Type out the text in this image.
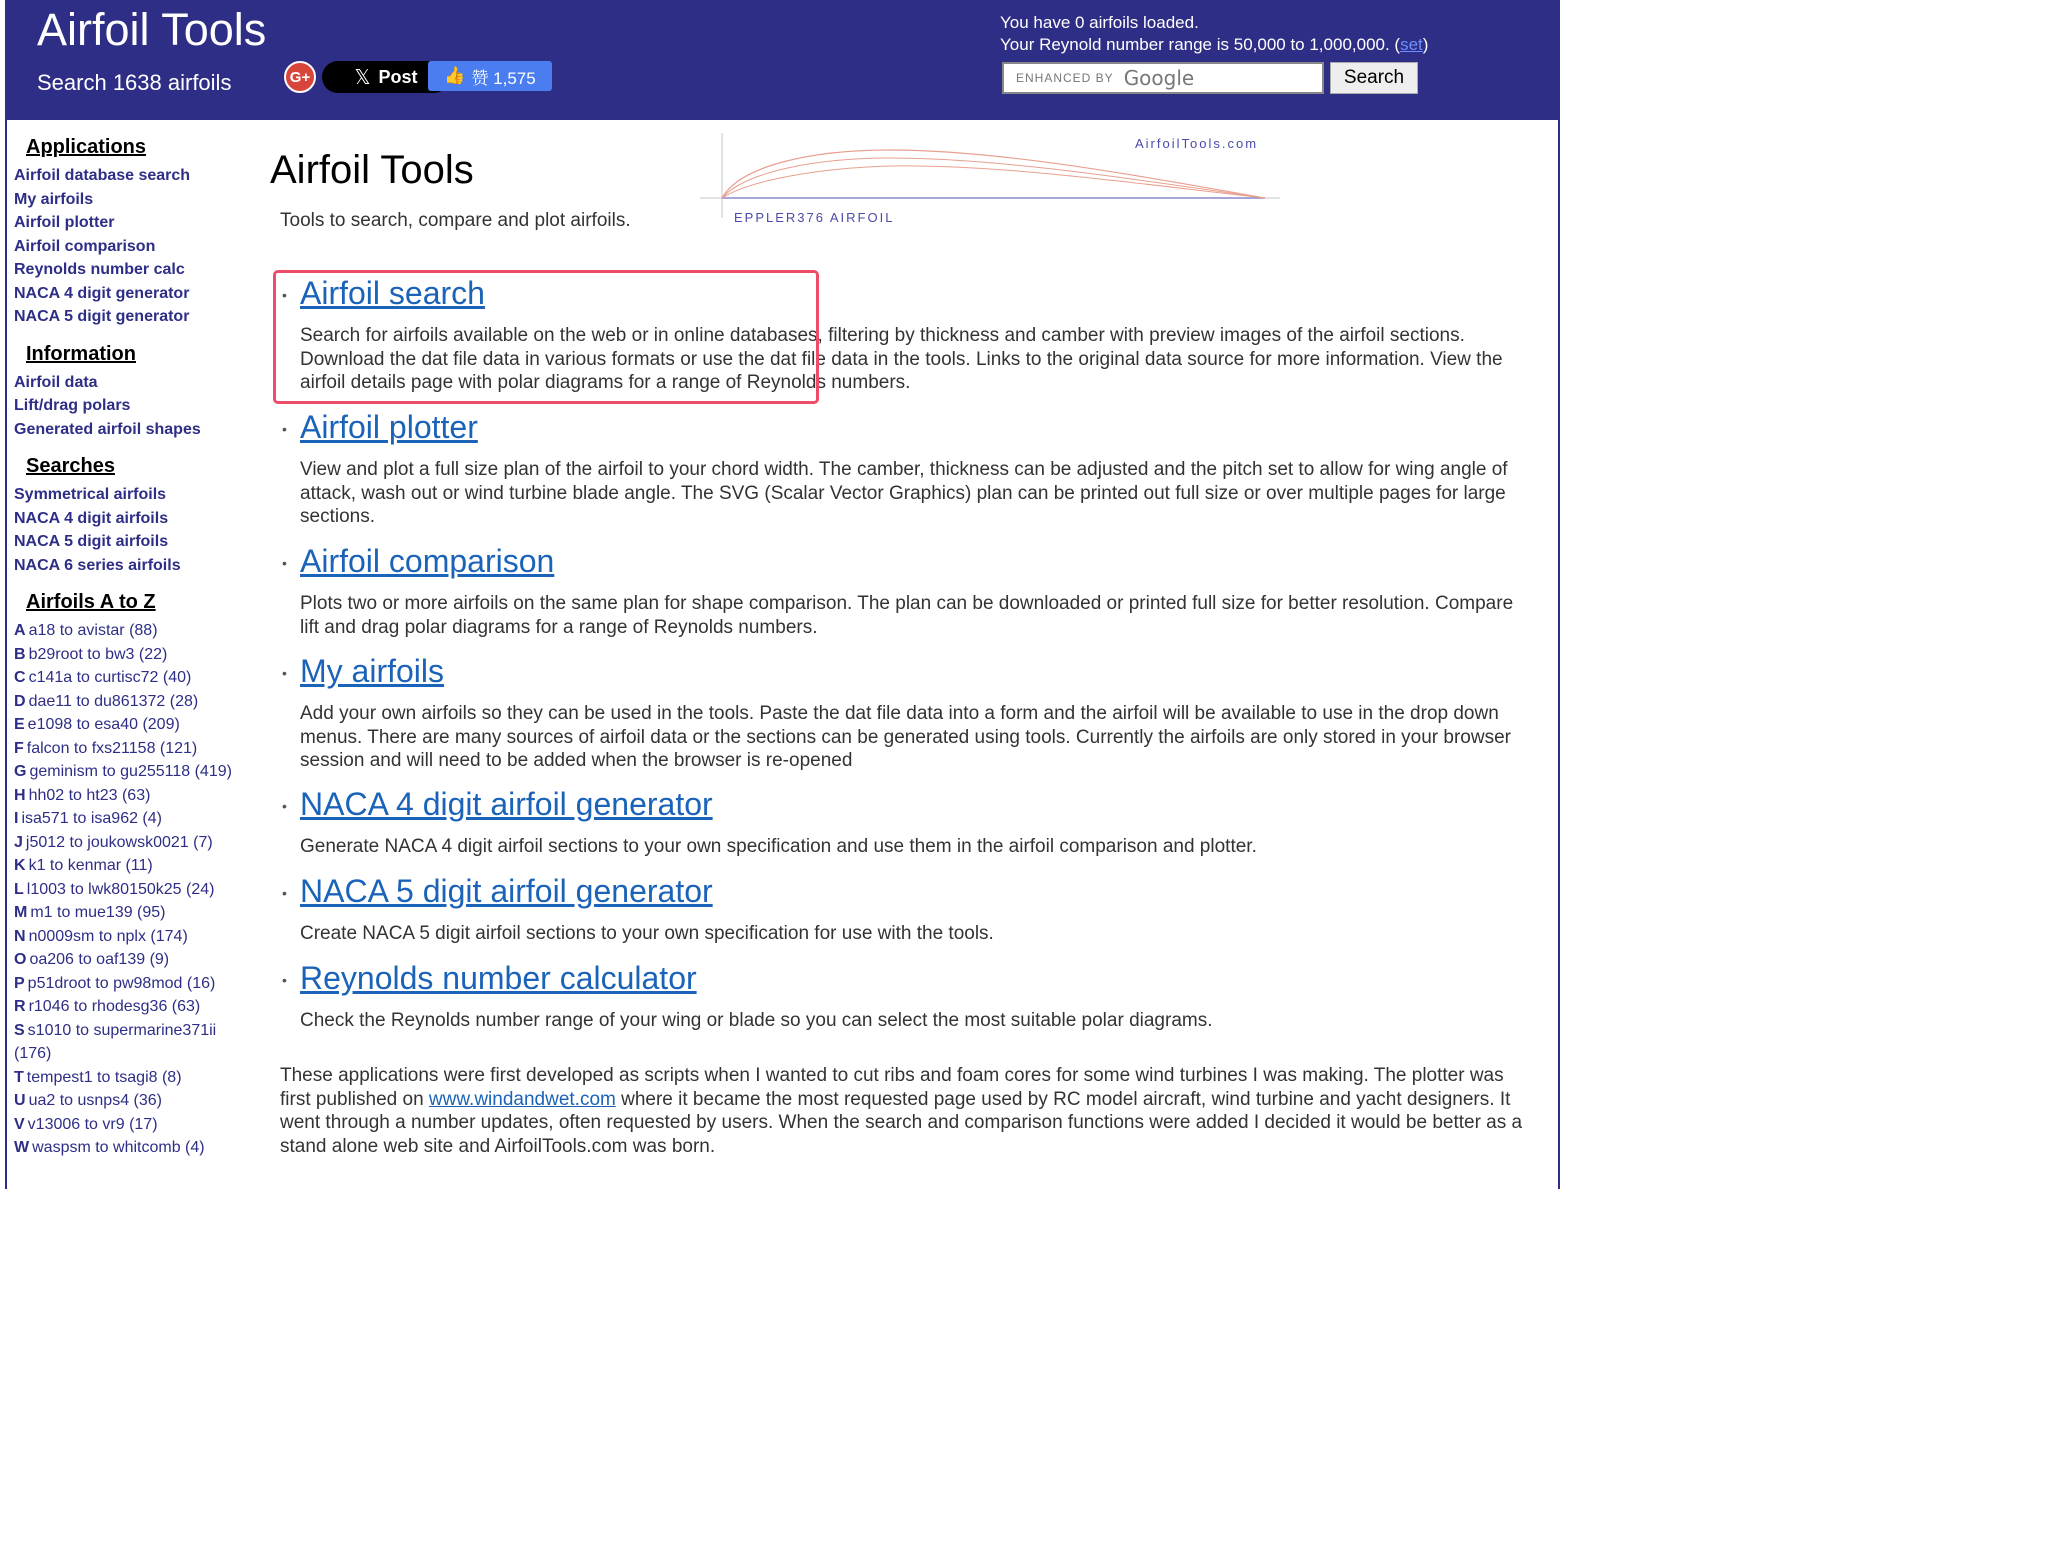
Airfoil Tools
Search 1638 airfoils	G+ 𝕏 Post 👍 赞 1,575
You have 0 airfoils loaded.
Your Reynold number range is 50,000 to 1,000,000. (set)
ENHANCED BY Google	Search
Applications
Airfoil database search
My airfoils
Airfoil plotter
Airfoil comparison
Reynolds number calc
NACA 4 digit generator
NACA 5 digit generator
Information
Airfoil data
Lift/drag polars
Generated airfoil shapes
Searches
Symmetrical airfoils
NACA 4 digit airfoils
NACA 5 digit airfoils
NACA 6 series airfoils
Airfoils A to Z
A a18 to avistar (88)
B b29root to bw3 (22)
C c141a to curtisc72 (40)
D dae11 to du861372 (28)
E e1098 to esa40 (209)
F falcon to fxs21158 (121)
G geminism to gu255118 (419)
H hh02 to ht23 (63)
I isa571 to isa962 (4)
J j5012 to joukowsk0021 (7)
K k1 to kenmar (11)
L l1003 to lwk80150k25 (24)
M m1 to mue139 (95)
N n0009sm to nplx (174)
O oa206 to oaf139 (9)
P p51droot to pw98mod (16)
R r1046 to rhodesg36 (63)
S s1010 to supermarine371ii (176)
T tempest1 to tsagi8 (8)
U ua2 to usnps4 (36)
V v13006 to vr9 (17)
W waspsm to whitcomb (4)
Airfoil Tools
Tools to search, compare and plot airfoils.
AirfoilTools.com
EPPLER376 AIRFOIL
• Airfoil search
Search for airfoils available on the web or in online databases, filtering by thickness and camber with preview images of the airfoil sections. Download the dat file data in various formats or use the dat file data in the tools. Links to the original data source for more information. View the airfoil details page with polar diagrams for a range of Reynolds numbers.
• Airfoil plotter
View and plot a full size plan of the airfoil to your chord width. The camber, thickness can be adjusted and the pitch set to allow for wing angle of attack, wash out or wind turbine blade angle. The SVG (Scalar Vector Graphics) plan can be printed out full size or over multiple pages for large sections.
• Airfoil comparison
Plots two or more airfoils on the same plan for shape comparison. The plan can be downloaded or printed full size for better resolution. Compare lift and drag polar diagrams for a range of Reynolds numbers.
• My airfoils
Add your own airfoils so they can be used in the tools. Paste the dat file data into a form and the airfoil will be available to use in the drop down menus. There are many sources of airfoil data or the sections can be generated using tools. Currently the airfoils are only stored in your browser session and will need to be added when the browser is re-opened
• NACA 4 digit airfoil generator
Generate NACA 4 digit airfoil sections to your own specification and use them in the airfoil comparison and plotter.
• NACA 5 digit airfoil generator
Create NACA 5 digit airfoil sections to your own specification for use with the tools.
• Reynolds number calculator
Check the Reynolds number range of your wing or blade so you can select the most suitable polar diagrams.
These applications were first developed as scripts when I wanted to cut ribs and foam cores for some wind turbines I was making. The plotter was first published on www.windandwet.com where it became the most requested page used by RC model aircraft, wind turbine and yacht designers. It went through a number updates, often requested by users. When the search and comparison functions were added I decided it would be better as a stand alone web site and AirfoilTools.com was born.
